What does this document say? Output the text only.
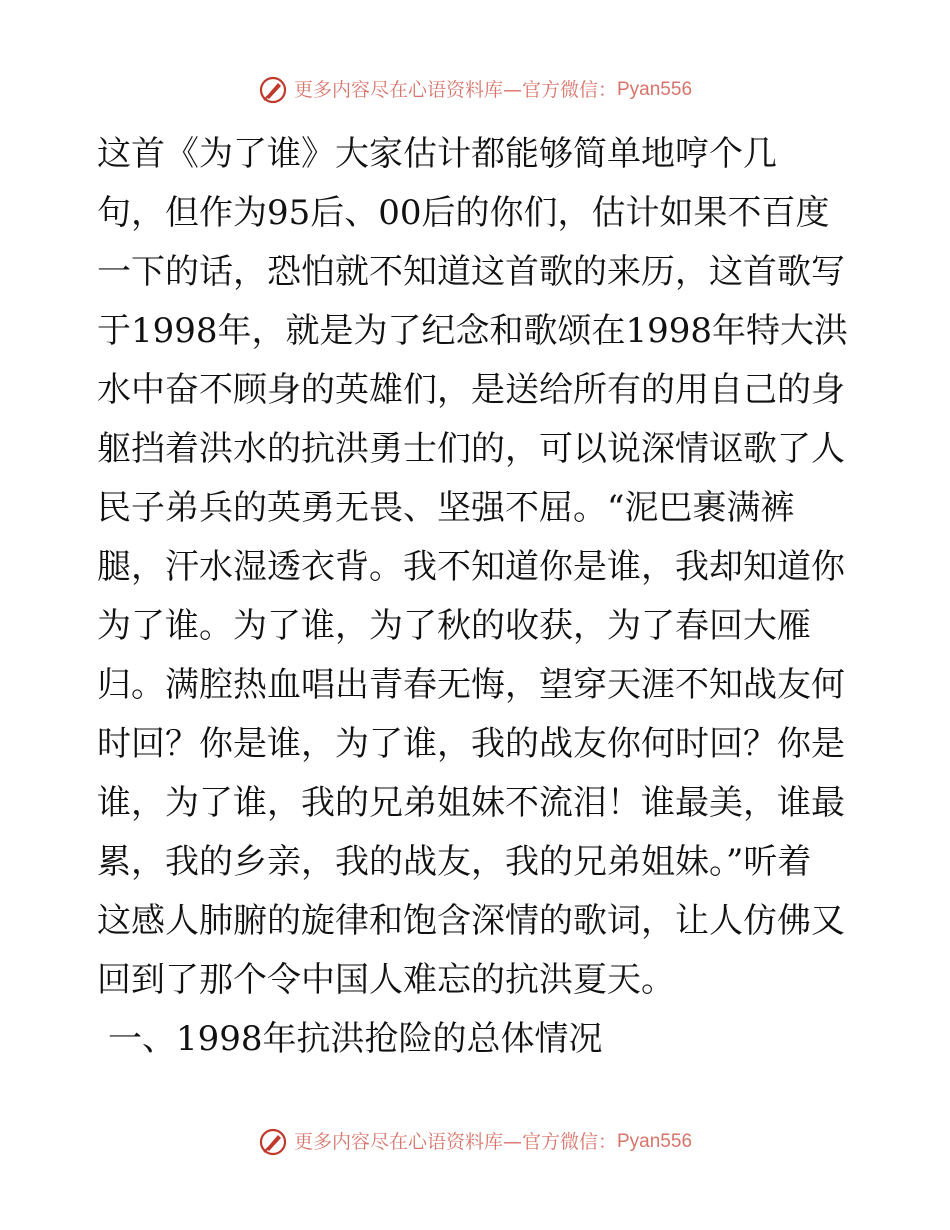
更多内容尽在心语资料库—官方微信：Pyan556
这首《为了谁》大家估计都能够简单地哼个几
句，但作为95后、00后的你们，估计如果不百度
一下的话，恐怕就不知道这首歌的来历，这首歌写
于1998年，就是为了纪念和歌颂在1998年特大洪
水中奋不顾身的英雄们，是送给所有的用自己的身
躯挡着洪水的抗洪勇士们的，可以说深情讴歌了人
民子弟兵的英勇无畏、坚强不屈。“泥巴裹满裤
腿，汗水湿透衣背。我不知道你是谁，我却知道你
为了谁。为了谁，为了秋的收获，为了春回大雁
归。满腔热血唱出青春无悔，望穿天涯不知战友何
时回？你是谁，为了谁，我的战友你何时回？你是
谁，为了谁，我的兄弟姐妹不流泪！谁最美，谁最
累，我的乡亲，我的战友，我的兄弟姐妹。”听着
这感人肺腑的旋律和饱含深情的歌词，让人仿佛又
回到了那个令中国人难忘的抗洪夏天。
一、1998年抗洪抢险的总体情况
更多内容尽在心语资料库—官方微信：Pyan556
